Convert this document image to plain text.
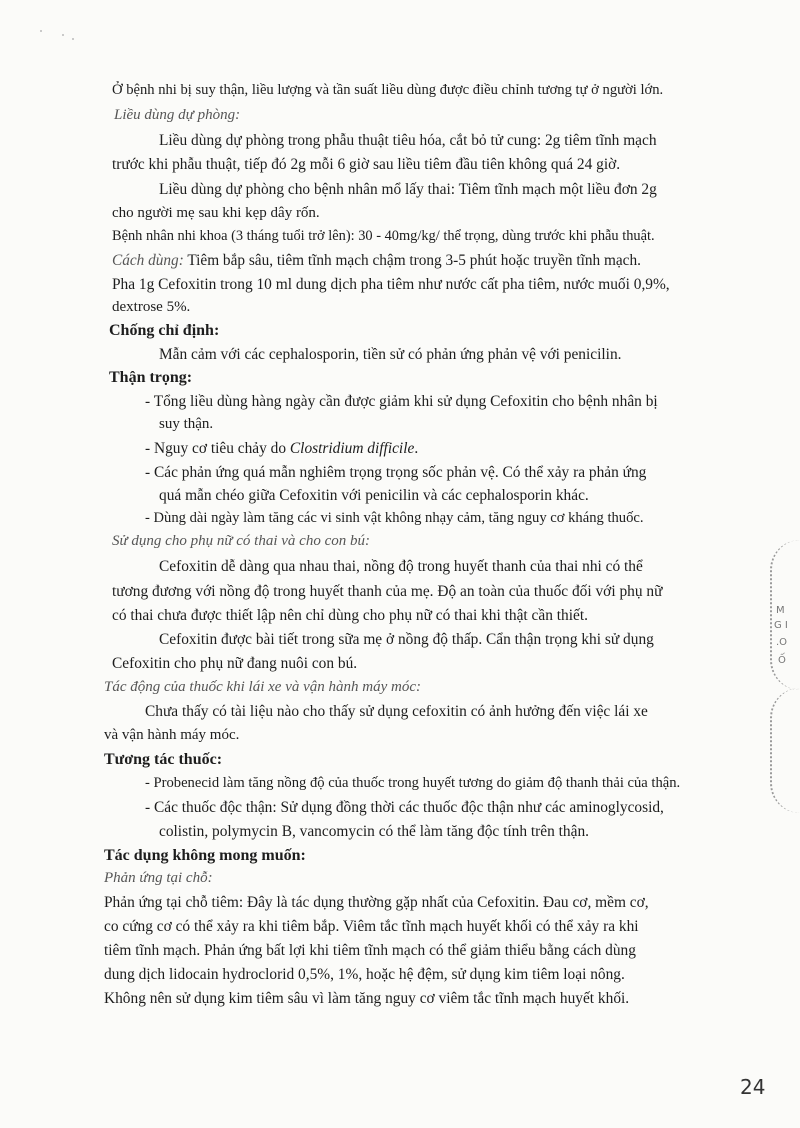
Ở bệnh nhi bị suy thận, liều lượng và tần suất liều dùng được điều chỉnh tương tự ở người lớn.
Liều dùng dự phòng:
Liều dùng dự phòng trong phẫu thuật tiêu hóa, cắt bỏ tử cung: 2g tiêm tĩnh mạch
trước khi phẫu thuật, tiếp đó 2g mỗi 6 giờ sau liều tiêm đầu tiên không quá 24 giờ.
Liều dùng dự phòng cho bệnh nhân mổ lấy thai: Tiêm tĩnh mạch một liều đơn 2g
cho người mẹ sau khi kẹp dây rốn.
Bệnh nhân nhi khoa (3 tháng tuổi trở lên): 30 - 40mg/kg/ thể trọng, dùng trước khi phẫu thuật.
Cách dùng: Tiêm bắp sâu, tiêm tĩnh mạch chậm trong 3-5 phút hoặc truyền tĩnh mạch.
Pha 1g Cefoxitin trong 10 ml dung dịch pha tiêm như nước cất pha tiêm, nước muối 0,9%,
dextrose 5%.
Chống chỉ định:
Mẫn cảm với các cephalosporin, tiền sử có phản ứng phản vệ với penicilin.
Thận trọng:
- Tổng liều dùng hàng ngày cần được giảm khi sử dụng Cefoxitin cho bệnh nhân bị
suy thận.
- Nguy cơ tiêu chảy do Clostridium difficile.
- Các phản ứng quá mẫn nghiêm trọng trọng sốc phản vệ. Có thể xảy ra phản ứng
quá mẫn chéo giữa Cefoxitin với penicilin và các cephalosporin khác.
- Dùng dài ngày làm tăng các vi sinh vật không nhạy cảm, tăng nguy cơ kháng thuốc.
Sử dụng cho phụ nữ có thai và cho con bú:
Cefoxitin dễ dàng qua nhau thai, nồng độ trong huyết thanh của thai nhi có thể
tương đương với nồng độ trong huyết thanh của mẹ. Độ an toàn của thuốc đối với phụ nữ
có thai chưa được thiết lập nên chỉ dùng cho phụ nữ có thai khi thật cần thiết.
Cefoxitin được bài tiết trong sữa mẹ ở nồng độ thấp. Cẩn thận trọng khi sử dụng
Cefoxitin cho phụ nữ đang nuôi con bú.
Tác động của thuốc khi lái xe và vận hành máy móc:
Chưa thấy có tài liệu nào cho thấy sử dụng cefoxitin có ảnh hưởng đến việc lái xe
và vận hành máy móc.
Tương tác thuốc:
- Probenecid làm tăng nồng độ của thuốc trong huyết tương do giảm độ thanh thải của thận.
- Các thuốc độc thận: Sử dụng đồng thời các thuốc độc thận như các aminoglycosid,
colistin, polymycin B, vancomycin có thể làm tăng độc tính trên thận.
Tác dụng không mong muốn:
Phản ứng tại chỗ:
Phản ứng tại chỗ tiêm: Đây là tác dụng thường gặp nhất của Cefoxitin. Đau cơ, mềm cơ,
co cứng cơ có thể xảy ra khi tiêm bắp. Viêm tắc tĩnh mạch huyết khối có thể xảy ra khi
tiêm tĩnh mạch. Phản ứng bất lợi khi tiêm tĩnh mạch có thể giảm thiểu bằng cách dùng
dung dịch lidocain hydroclorid 0,5%, 1%, hoặc hệ đệm, sử dụng kim tiêm loại nông.
Không nên sử dụng kim tiêm sâu vì làm tăng nguy cơ viêm tắc tĩnh mạch huyết khối.
M
G I
.O
Ố
24
